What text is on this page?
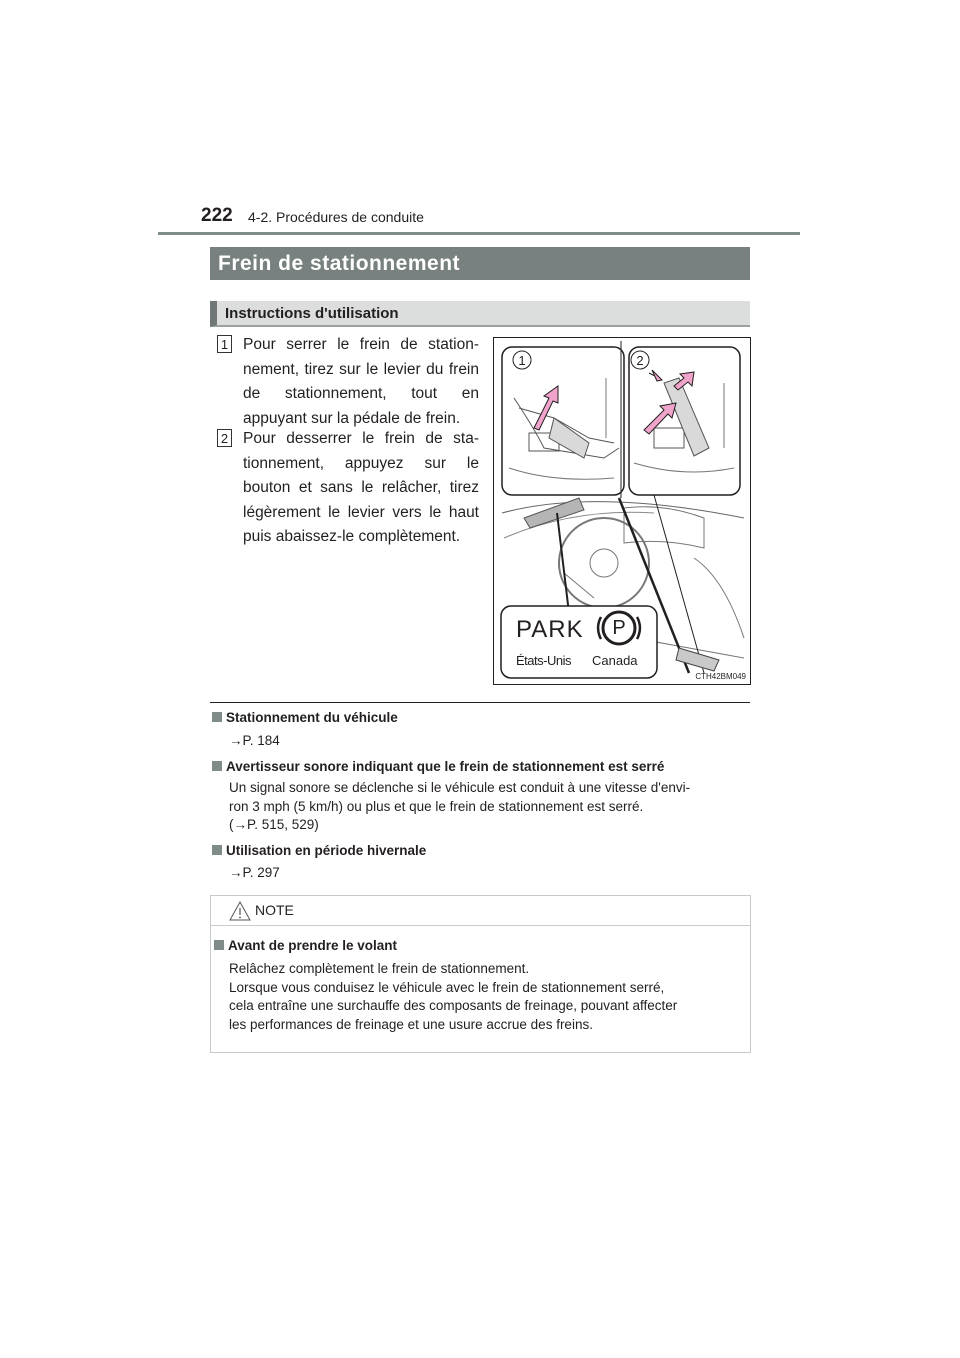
222 4-2. Procédures de conduite
Frein de stationnement
Instructions d'utilisation
1 Pour serrer le frein de station-nement, tirez sur le levier du frein de stationnement, tout en appuyant sur la pédale de frein.
2 Pour desserrer le frein de sta-tionnement, appuyez sur le bouton et sans le relâcher, tirez légèrement le levier vers le haut puis abaissez-le complètement.
1	2
PARK P
États-Unis Canada
CTH42BM049
Stationnement du véhicule
→P. 184
Avertisseur sonore indiquant que le frein de stationnement est serré
Un signal sonore se déclenche si le véhicule est conduit à une vitesse d'envi-
ron 3 mph (5 km/h) ou plus et que le frein de stationnement est serré.
(→P. 515, 529)
Utilisation en période hivernale
→P. 297
NOTE
Avant de prendre le volant
Relâchez complètement le frein de stationnement.
Lorsque vous conduisez le véhicule avec le frein de stationnement serré,
cela entraîne une surchauffe des composants de freinage, pouvant affecter
les performances de freinage et une usure accrue des freins.
